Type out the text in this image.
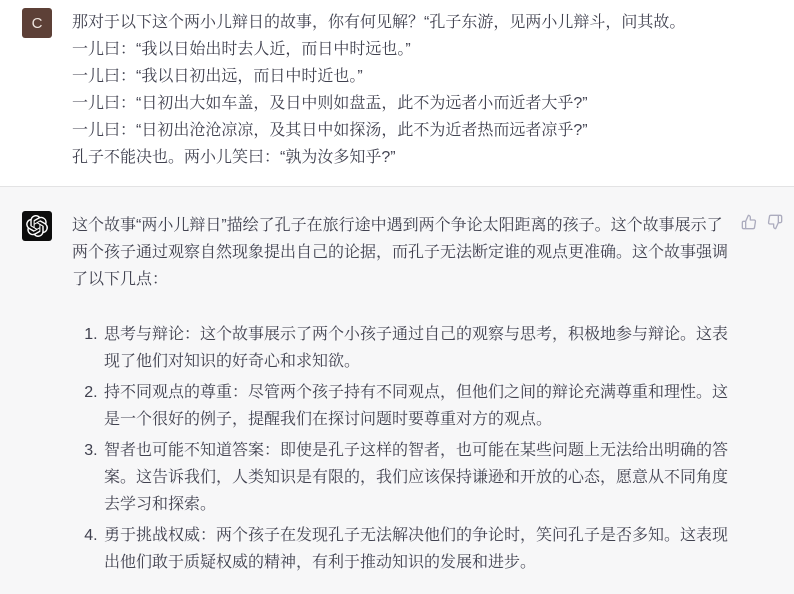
C	那对于以下这个两小儿辩日的故事，你有何见解？“孔子东游，见两小儿辩斗，问其故。
一儿曰：“我以日始出时去人近，而日中时远也。”
一儿曰：“我以日初出远，而日中时近也。”
一儿曰：“日初出大如车盖，及日中则如盘盂，此不为远者小而近者大乎?”
一儿曰：“日初出沧沧凉凉，及其日中如探汤，此不为近者热而远者凉乎?”
孔子不能决也。两小儿笑曰：“孰为汝多知乎?”

这个故事“两小儿辩日”描绘了孔子在旅行途中遇到两个争论太阳距离的孩子。这个故事展示了两个孩子通过观察自然现象提出自己的论据，而孔子无法断定谁的观点更准确。这个故事强调了以下几点：

1. 思考与辩论：这个故事展示了两个小孩子通过自己的观察与思考，积极地参与辩论。这表现了他们对知识的好奇心和求知欲。
2. 持不同观点的尊重：尽管两个孩子持有不同观点，但他们之间的辩论充满尊重和理性。这是一个很好的例子，提醒我们在探讨问题时要尊重对方的观点。
3. 智者也可能不知道答案：即使是孔子这样的智者，也可能在某些问题上无法给出明确的答案。这告诉我们，人类知识是有限的，我们应该保持谦逊和开放的心态，愿意从不同角度去学习和探索。
4. 勇于挑战权威：两个孩子在发现孔子无法解决他们的争论时，笑问孔子是否多知。这表现出他们敢于质疑权威的精神，有利于推动知识的发展和进步。
